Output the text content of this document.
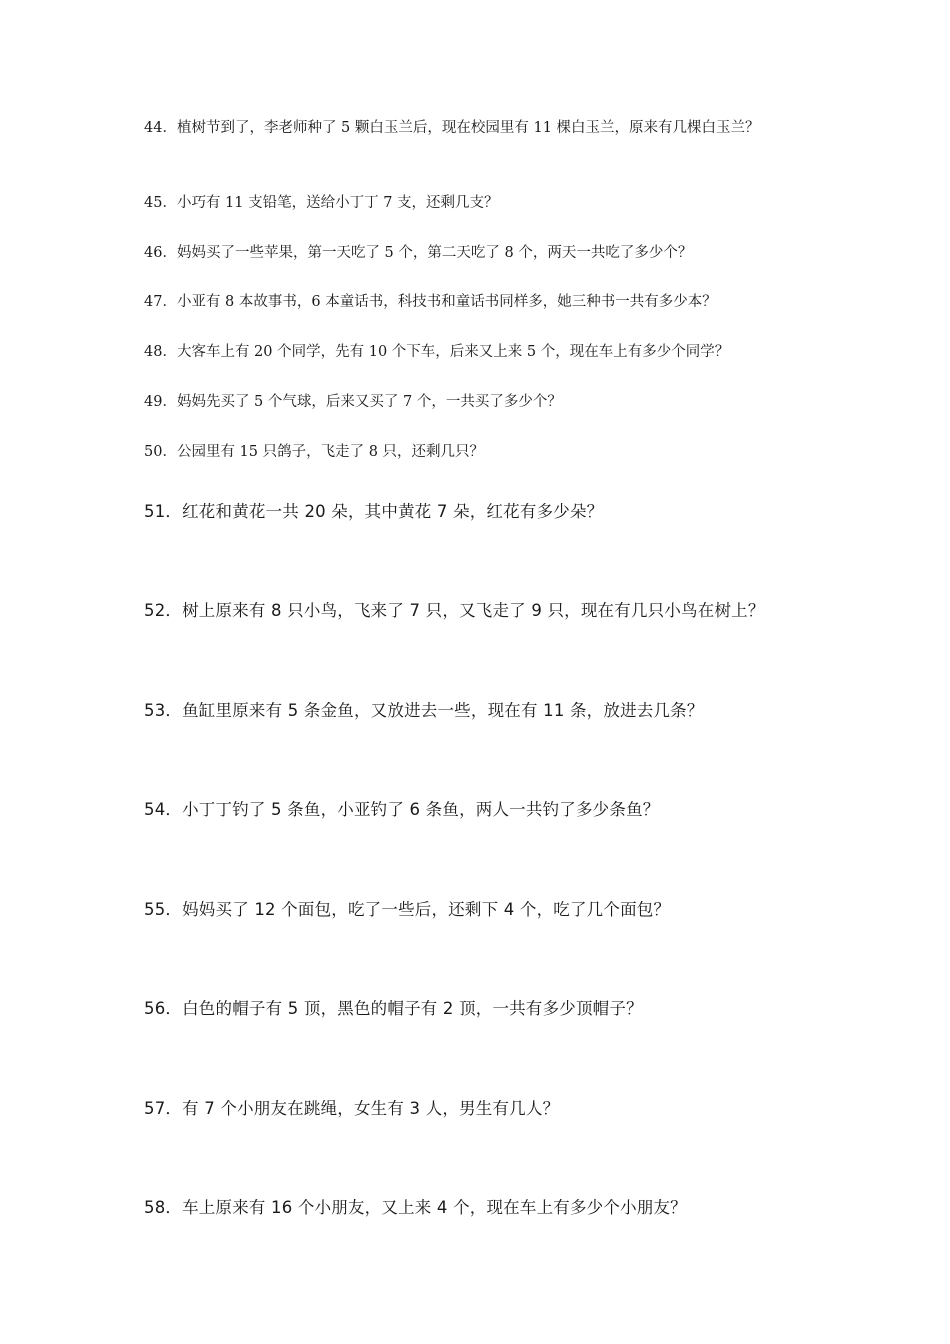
44．植树节到了，李老师种了 5 颗白玉兰后，现在校园里有 11 棵白玉兰，原来有几棵白玉兰？

45．小巧有 11 支铅笔，送给小丁丁 7 支，还剩几支？

46．妈妈买了一些苹果，第一天吃了 5 个，第二天吃了 8 个，两天一共吃了多少个？

47．小亚有 8 本故事书，6 本童话书，科技书和童话书同样多，她三种书一共有多少本？

48．大客车上有 20 个同学，先有 10 个下车，后来又上来 5 个，现在车上有多少个同学？

49．妈妈先买了 5 个气球，后来又买了 7 个，一共买了多少个？

50．公园里有 15 只鸽子，飞走了 8 只，还剩几只？

51．红花和黄花一共 20 朵，其中黄花 7 朵，红花有多少朵？

52．树上原来有 8 只小鸟，飞来了 7 只，又飞走了 9 只，现在有几只小鸟在树上？

53．鱼缸里原来有 5 条金鱼，又放进去一些，现在有 11 条，放进去几条？

54．小丁丁钓了 5 条鱼，小亚钓了 6 条鱼，两人一共钓了多少条鱼？

55．妈妈买了 12 个面包，吃了一些后，还剩下 4 个，吃了几个面包？

56．白色的帽子有 5 顶，黑色的帽子有 2 顶，一共有多少顶帽子？

57．有 7 个小朋友在跳绳，女生有 3 人，男生有几人？

58．车上原来有 16 个小朋友，又上来 4 个，现在车上有多少个小朋友？
